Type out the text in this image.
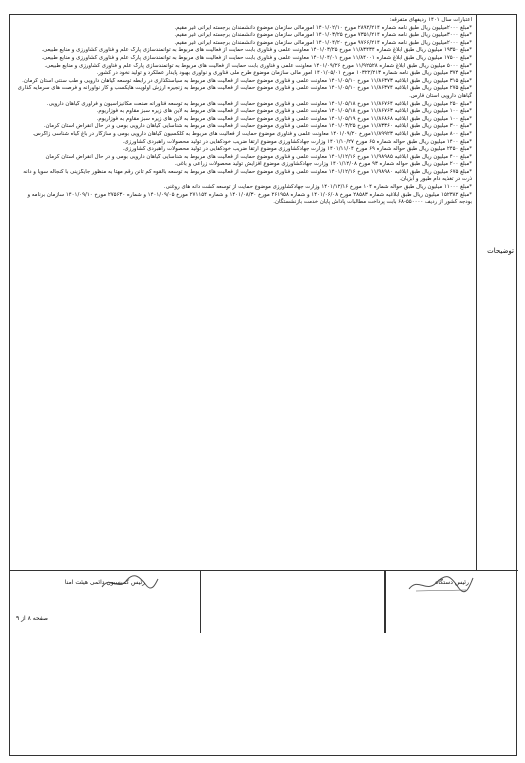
اعتبارات سال ۱۴۰۱ ردیفهای متفرقه:

*مبلغ ۲۰۰۰میلیون ریال طبق نامه شماره ۲۸۹۲/۲۱۴ مورخ ۱۴۰۱/۰۲/۱۰ امورمالی سازمان موضوع دانشمندان برجسته ایرانی غیر مقیم.

*مبلغ ۳۰۰۰میلیون ریال طبق نامه شماره ۷۳۵۱/۲۱۴ مورخ ۱۴۰۱/۰۳/۲۵ امورمالی سازمان موضوع دانشمندان برجسته ایرانی غیر مقیم.

*مبلغ ۲۰۰۰میلیون ریال طبق نامه شماره ۹۷۶۶/۲۱۴ مورخ ۱۴۰۱/۰۴/۲۰ امورمالی سازمان موضوع دانشمندان برجسته ایرانی غیر مقیم.

*مبلغ ۱۹۳۵۰ میلیون ریال طبق ابلاغ شماره ۱۱/۸۳۴۳۴ مورخ ۱۴۰۱/۰۳/۲۵ معاونت علمی و فناوری بابت حمایت از فعالیت های مربوط به توانمندسازی پارک علم و فناوری کشاورزی و منابع طبیعی.

*مبلغ ۱۷۵۰۰ میلیون ریال طبق ابلاغ شماره ۱۱/۸۴۰۰۱ مورخ ۱۴۰۱/۰۴/۰۱ معاونت علمی و فناوری بابت حمایت از فعالیت های مربوط به توانمندسازی پارک علم و فناوری کشاورزی و منابع طبیعی.

*مبلغ ۵۰۰۰ میلیون ریال طبق ابلاغ شماره ۱۱/۹۲۵۲۸ مورخ ۱۴۰۱/۰۹/۲۶ معاونت علمی و فناوری بابت حمایت از فعالیت های مربوط به توانمندسازی پارک علم و فناوری کشاورزی و منابع طبیعی.

*مبلغ ۳۷۴ میلیون ریال طبق نامه شماره ۱۰۳۲۲/۲۱۳ مورخ ۱۴۰۱/۰۵/۰۱ امور مالی سازمان موضوع طرح ملی فناوری و نوآوری بهبود پایدار عملکرد و تولید نخود در کشور.

*مبلغ ۳۱۵ میلیون ریال طبق ابلاغیه ۱۱/۸۶۳۷۳ مورخ ۱۴۰۱/۰۵/۱۰ معاونت علمی و فناوری موضوع حمایت از فعالیت های مربوط به سیاستگذاری در رابطه توسعه گیاهان دارویی و طب سنتی استان کرمان.

*مبلغ ۲۷۵ میلیون ریال طبق ابلاغیه ۱۱/۸۶۳۷۴ مورخ ۱۴۰۱/۰۵/۱۰ معاونت علمی و فناوری موضوع حمایت از فعالیت های مربوط به زنجیره ارزش اولویت هایکسب و کار نوآورانه و فرصت های سرمایه گذاری گیاهان دارویی استان فارس.

*مبلغ ۲۵۰ میلیون ریال طبق ابلاغیه ۱۱/۸۶۷۶۴ مورخ ۱۴۰۱/۰۵/۱۸ معاونت علمی و فناوری موضوع حمایت از فعالیت های مربوط به توسعه فناورانه صنعت مکانیزاسیون و فرآوری گیاهان دارویی.

*مبلغ ۱۰۰ میلیون ریال طبق ابلاغیه ۱۱/۸۶۷۶۳ مورخ ۱۴۰۱/۰۵/۱۸ معاونت علمی و فناوری موضوع حمایت از فعالیت های مربوط به لاین های زیره سبز مقاوم به فوزاریوم.

*مبلغ ۱۰۰ میلیون ریال طبق ابلاغیه ۱۱/۸۶۸۶۸ مورخ ۱۴۰۱/۰۵/۱۹ معاونت علمی و فناوری موضوع حمایت از فعالیت های مربوط به لاین های زیره سبز مقاوم به فوزاریوم.

*مبلغ ۳۰۰ میلیون ریال طبق ابلاغیه ۱۱/۸۳۳۶۰ مورخ ۱۴۰۱/۰۳/۲۵ معاونت علمی و فناوری موضوع حمایت از فعالیت های مربوط به شناسایی گیاهان دارویی بومی و در حال انقراض استان کرمان.

*مبلغ ۸۰۰ میلیون ریال طبق ابلاغیه ۱۱/۸۹۹۲۳مورخ ۱۴۰۱/۰۹/۲۰ معاونت علمی و فناوری موضوع حمایت از فعالیت های مربوط به کلکسیون گیاهان دارویی بومی و سازگار در باغ گیاه شناسی زاگرس.

*مبلغ ۱۴۰۰ میلیون ریال طبق حواله شماره ۶۵ مورخ ۱۴۰۱/۱۰/۲۷ وزارت جهادکشاورزی موضوع ارتقا ضریب خودکفایی در تولید محصولات راهبردی کشاورزی.

*مبلغ ۲۴۵۰ میلیون ریال طبق حواله شماره ۶۹ مورخ ۱۴۰۱/۱۱/۰۴ وزارت جهادکشاورزی موضوع ارتقا ضریب خودکفایی در تولید محصولات راهبردی کشاورزی.

*مبلغ ۴۰۰ میلیون ریال طبق ابلاغیه ۱۱/۹۸۹۸۵ مورخ ۱۴۰۱/۱۲/۱۶ معاونت علمی و فناوری موضوع حمایت از فعالیت های مربوط به شناسایی گیاهان دارویی بومی و در حال انقراض استان کرمان

*مبلغ ۲۰۰ میلیون ریال طبق حواله شماره ۹۳ مورخ ۱۴۰۱/۱۲/۰۸ وزارت جهادکشاورزی موضوع افزایش تولید محصولات زراعی و باغی.

*مبلغ ۶۷۵ میلیون ریال طبق ابلاغیه ۱۱/۹۸۹۸۰ مورخ ۱۴۰۱/۱۲/۱۶ معاونت علمی و فناوری موضوع حمایت از فعالیت های مربوط به توسعه بالقوه کم تانن رقم مهتا به منظور جایگزینی با کنجاله سویا و دانه ذرت در تغذیه دام طیور و آبزیان.

*مبلغ ۱۱۰۰۰ میلیون ریال طبق حواله شماره ۱۰۴ مورخ ۱۴۰۱/۱۲/۱۶ وزارت جهادکشاورزی موضوع حمایت از توسعه کشت دانه های روغنی.

*مبلغ ۱۵۲۳۸۲ میلیون ریال طبق ابلاغیه شماره ۲۸۵۸۳ مورخ ۱۴۰۱/۰۶/۰۸ و شماره ۲۶۱۹۵۸ مورخ ۱۴۰۱/۰۸/۳۰ و شماره ۲۷۱۱۵۴ مورخ ۱۴۰۱/۰۹/۰۵ و شماره ۲۷۵۶۳۰ مورخ ۱۴۰۱/۰۹/۱۰ سازمان برنامه و بودجه کشور از ردیف ۵۵۰۰۰۰-۶۸ بابت پرداخت مطالبات پاداش پایان خدمت بازنشستگان.

توضیحات
رئیس کمیسیون دائمی هیئت امنا
صفحه ۸ از ۹
رئیس دستگاه
